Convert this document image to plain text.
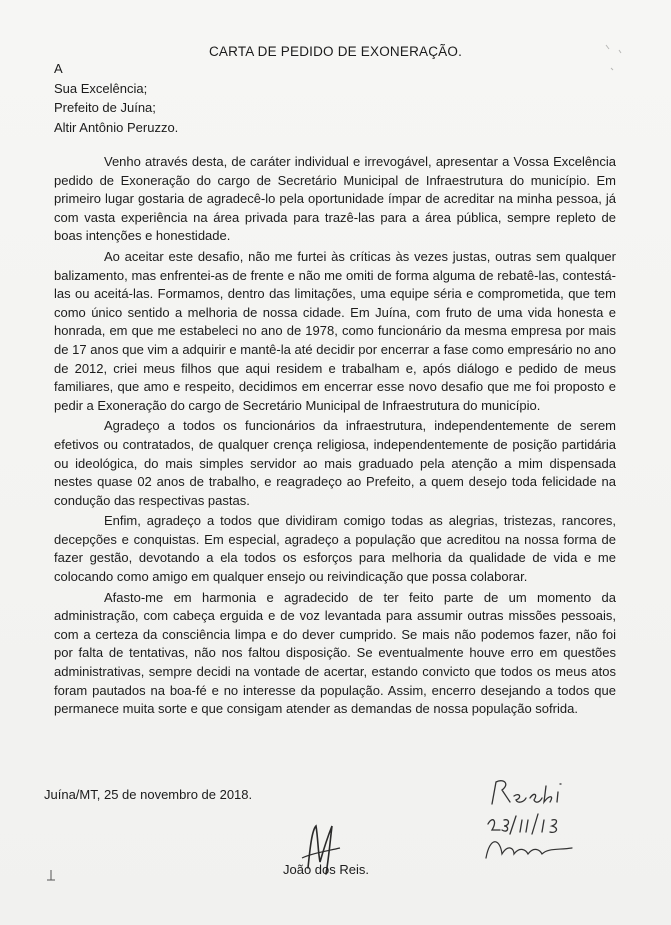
CARTA DE PEDIDO DE EXONERAÇÃO.
A
Sua Excelência;
Prefeito de Juína;
Altir Antônio Peruzzo.

Venho através desta, de caráter individual e irrevogável, apresentar a Vossa Excelência pedido de Exoneração do cargo de Secretário Municipal de Infraestrutura do município. Em primeiro lugar gostaria de agradecê-lo pela oportunidade ímpar de acreditar na minha pessoa, já com vasta experiência na área privada para trazê-las para a área pública, sempre repleto de boas intenções e honestidade.

Ao aceitar este desafio, não me furtei às críticas às vezes justas, outras sem qualquer balizamento, mas enfrentei-as de frente e não me omiti de forma alguma de rebatê-las, contestá-las ou aceitá-las. Formamos, dentro das limitações, uma equipe séria e comprometida, que tem como único sentido a melhoria de nossa cidade. Em Juína, com fruto de uma vida honesta e honrada, em que me estabeleci no ano de 1978, como funcionário da mesma empresa por mais de 17 anos que vim a adquirir e mantê-la até decidir por encerrar a fase como empresário no ano de 2012, criei meus filhos que aqui residem e trabalham e, após diálogo e pedido de meus familiares, que amo e respeito, decidimos em encerrar esse novo desafio que me foi proposto e pedir a Exoneração do cargo de Secretário Municipal de Infraestrutura do município.

Agradeço a todos os funcionários da infraestrutura, independentemente de serem efetivos ou contratados, de qualquer crença religiosa, independentemente de posição partidária ou ideológica, do mais simples servidor ao mais graduado pela atenção a mim dispensada nestes quase 02 anos de trabalho, e reagradeço ao Prefeito, a quem desejo toda felicidade na condução das respectivas pastas.

Enfim, agradeço a todos que dividiram comigo todas as alegrias, tristezas, rancores, decepções e conquistas. Em especial, agradeço a população que acreditou na nossa forma de fazer gestão, devotando a ela todos os esforços para melhoria da qualidade de vida e me colocando como amigo em qualquer ensejo ou reivindicação que possa colaborar.

Afasto-me em harmonia e agradecido de ter feito parte de um momento da administração, com cabeça erguida e de voz levantada para assumir outras missões pessoais, com a certeza da consciência limpa e do dever cumprido. Se mais não podemos fazer, não foi por falta de tentativas, não nos faltou disposição. Se eventualmente houve erro em questões administrativas, sempre decidi na vontade de acertar, estando convicto que todos os meus atos foram pautados na boa-fé e no interesse da população. Assim, encerro desejando a todos que permanece muita sorte e que consigam atender as demandas de nossa população sofrida.

Juína/MT, 25 de novembro de 2018.
João dos Reis.
